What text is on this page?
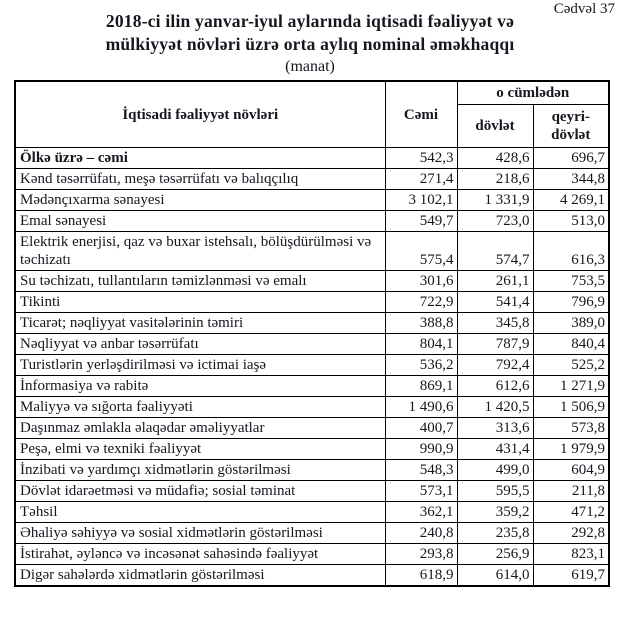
Cədvəl 37
2018-ci ilin yanvar-iyul aylarında iqtisadi fəaliyyət və
mülkiyyət növləri üzrə orta aylıq nominal əməkhaqqı
(manat)
İqtisadi fəaliyyət növləri	Cəmi	o cümlədən	
		dövlət	qeyri-dövlət
Ölkə üzrə – cəmi	542,3	428,6	696,7
Kənd təsərrüfatı, meşə təsərrüfatı və balıqçılıq	271,4	218,6	344,8
Mədənçıxarma sənayesi	3 102,1	1 331,9	4 269,1
Emal sənayesi	549,7	723,0	513,0
Elektrik enerjisi, qaz və buxar istehsalı, bölüşdürülməsi və təchizatı	575,4	574,7	616,3
Su təchizatı, tullantıların təmizlənməsi və emalı	301,6	261,1	753,5
Tikinti	722,9	541,4	796,9
Ticarət; nəqliyyat vasitələrinin təmiri	388,8	345,8	389,0
Nəqliyyat və anbar təsərrüfatı	804,1	787,9	840,4
Turistlərin yerləşdirilməsi və ictimai iaşə	536,2	792,4	525,2
İnformasiya və rabitə	869,1	612,6	1 271,9
Maliyyə və sığorta fəaliyyəti	1 490,6	1 420,5	1 506,9
Daşınmaz əmlakla əlaqədar əməliyyatlar	400,7	313,6	573,8
Peşə, elmi və texniki fəaliyyət	990,9	431,4	1 979,9
İnzibati və yardımçı xidmətlərin göstərilməsi	548,3	499,0	604,9
Dövlət idarəetməsi və müdafiə; sosial təminat	573,1	595,5	211,8
Təhsil	362,1	359,2	471,2
Əhaliyə səhiyyə və sosial xidmətlərin göstərilməsi	240,8	235,8	292,8
İstirahət, əyləncə və incəsənət sahəsində fəaliyyət	293,8	256,9	823,1
Digər sahələrdə xidmətlərin göstərilməsi	618,9	614,0	619,7
